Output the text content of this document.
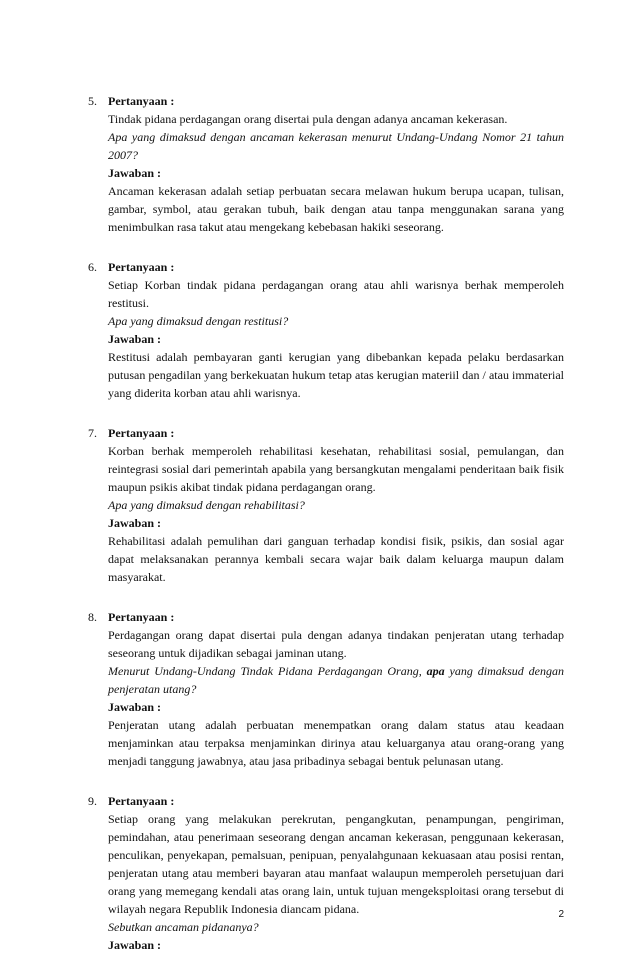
5. Pertanyaan :
Tindak pidana perdagangan orang disertai pula dengan adanya ancaman kekerasan.
Apa yang dimaksud dengan ancaman kekerasan menurut Undang-Undang Nomor 21 tahun 2007?
Jawaban :
Ancaman kekerasan adalah setiap perbuatan secara melawan hukum berupa ucapan, tulisan, gambar, symbol, atau gerakan tubuh, baik dengan atau tanpa menggunakan sarana yang menimbulkan rasa takut atau mengekang kebebasan hakiki seseorang.
6. Pertanyaan :
Setiap Korban tindak pidana perdagangan orang atau ahli warisnya berhak memperoleh restitusi.
Apa yang dimaksud dengan restitusi?
Jawaban :
Restitusi adalah pembayaran ganti kerugian yang dibebankan kepada pelaku berdasarkan putusan pengadilan yang berkekuatan hukum tetap atas kerugian materiil dan / atau immaterial yang diderita korban atau ahli warisnya.
7. Pertanyaan :
Korban berhak memperoleh rehabilitasi kesehatan, rehabilitasi sosial, pemulangan, dan reintegrasi sosial dari pemerintah apabila yang bersangkutan mengalami penderitaan baik fisik maupun psikis akibat tindak pidana perdagangan orang.
Apa yang dimaksud dengan rehabilitasi?
Jawaban :
Rehabilitasi adalah pemulihan dari ganguan terhadap kondisi fisik, psikis, dan sosial agar dapat melaksanakan perannya kembali secara wajar baik dalam keluarga maupun dalam masyarakat.
8. Pertanyaan :
Perdagangan orang dapat disertai pula dengan adanya tindakan penjeratan utang terhadap seseorang untuk dijadikan sebagai jaminan utang.
Menurut Undang-Undang Tindak Pidana Perdagangan Orang, apa yang dimaksud dengan penjeratan utang?
Jawaban :
Penjeratan utang adalah perbuatan menempatkan orang dalam status atau keadaan menjaminkan atau terpaksa menjaminkan dirinya atau keluarganya atau orang-orang yang menjadi tanggung jawabnya, atau jasa pribadinya sebagai bentuk pelunasan utang.
9. Pertanyaan :
Setiap orang yang melakukan perekrutan, pengangkutan, penampungan, pengiriman, pemindahan, atau penerimaan seseorang dengan ancaman kekerasan, penggunaan kekerasan, penculikan, penyekapan, pemalsuan, penipuan, penyalahgunaan kekuasaan atau posisi rentan, penjeratan utang atau memberi bayaran atau manfaat walaupun memperoleh persetujuan dari orang yang memegang kendali atas orang lain, untuk tujuan mengeksploitasi orang tersebut di wilayah negara Republik Indonesia diancam pidana.
Sebutkan ancaman pidananya?
Jawaban :
2
